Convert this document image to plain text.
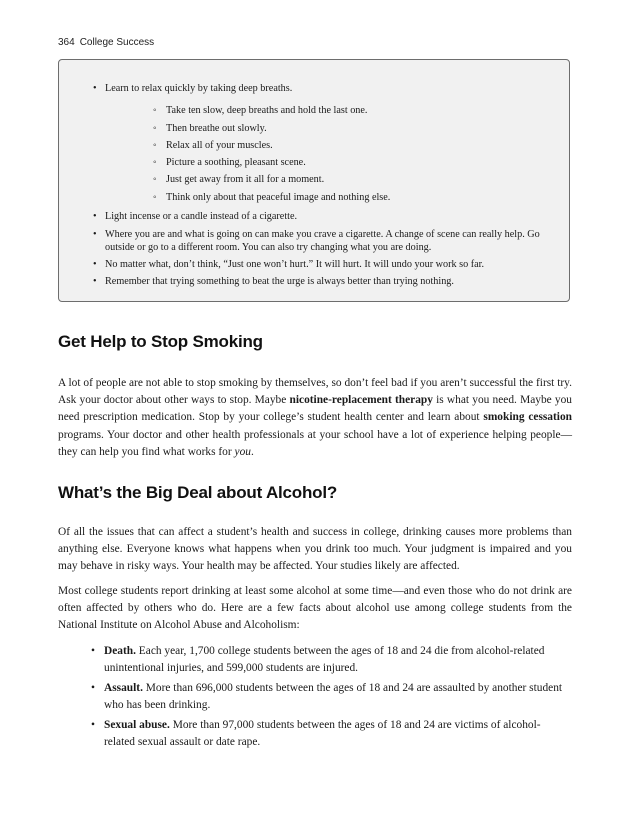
364 College Success
• Learn to relax quickly by taking deep breaths.
◦ Take ten slow, deep breaths and hold the last one.
◦ Then breathe out slowly.
◦ Relax all of your muscles.
◦ Picture a soothing, pleasant scene.
◦ Just get away from it all for a moment.
◦ Think only about that peaceful image and nothing else.
• Light incense or a candle instead of a cigarette.
• Where you are and what is going on can make you crave a cigarette. A change of scene can really help. Go
outside or go to a different room. You can also try changing what you are doing.
• No matter what, don’t think, “Just one won’t hurt.” It will hurt. It will undo your work so far.
• Remember that trying something to beat the urge is always better than trying nothing.
Get Help to Stop Smoking

A lot of people are not able to stop smoking by themselves, so don’t feel bad if you aren’t successful the first try. Ask your doctor about other ways to stop. Maybe nicotine-replacement therapy is what you need. Maybe you need prescription medication. Stop by your college’s student health center and learn about smoking cessation programs. Your doctor and other health professionals at your school have a lot of experience helping people—they can help you find what works for you.

What’s the Big Deal about Alcohol?

Of all the issues that can affect a student’s health and success in college, drinking causes more problems than anything else. Everyone knows what happens when you drink too much. Your judgment is impaired and you may behave in risky ways. Your health may be affected. Your studies likely are affected.

Most college students report drinking at least some alcohol at some time—and even those who do not drink are often affected by others who do. Here are a few facts about alcohol use among college students from the National Institute on Alcohol Abuse and Alcoholism:

• Death. Each year, 1,700 college students between the ages of 18 and 24 die from alcohol-related unintentional injuries, and 599,000 students are injured.
• Assault. More than 696,000 students between the ages of 18 and 24 are assaulted by another student who has been drinking.
• Sexual abuse. More than 97,000 students between the ages of 18 and 24 are victims of alcohol-related sexual assault or date rape.
